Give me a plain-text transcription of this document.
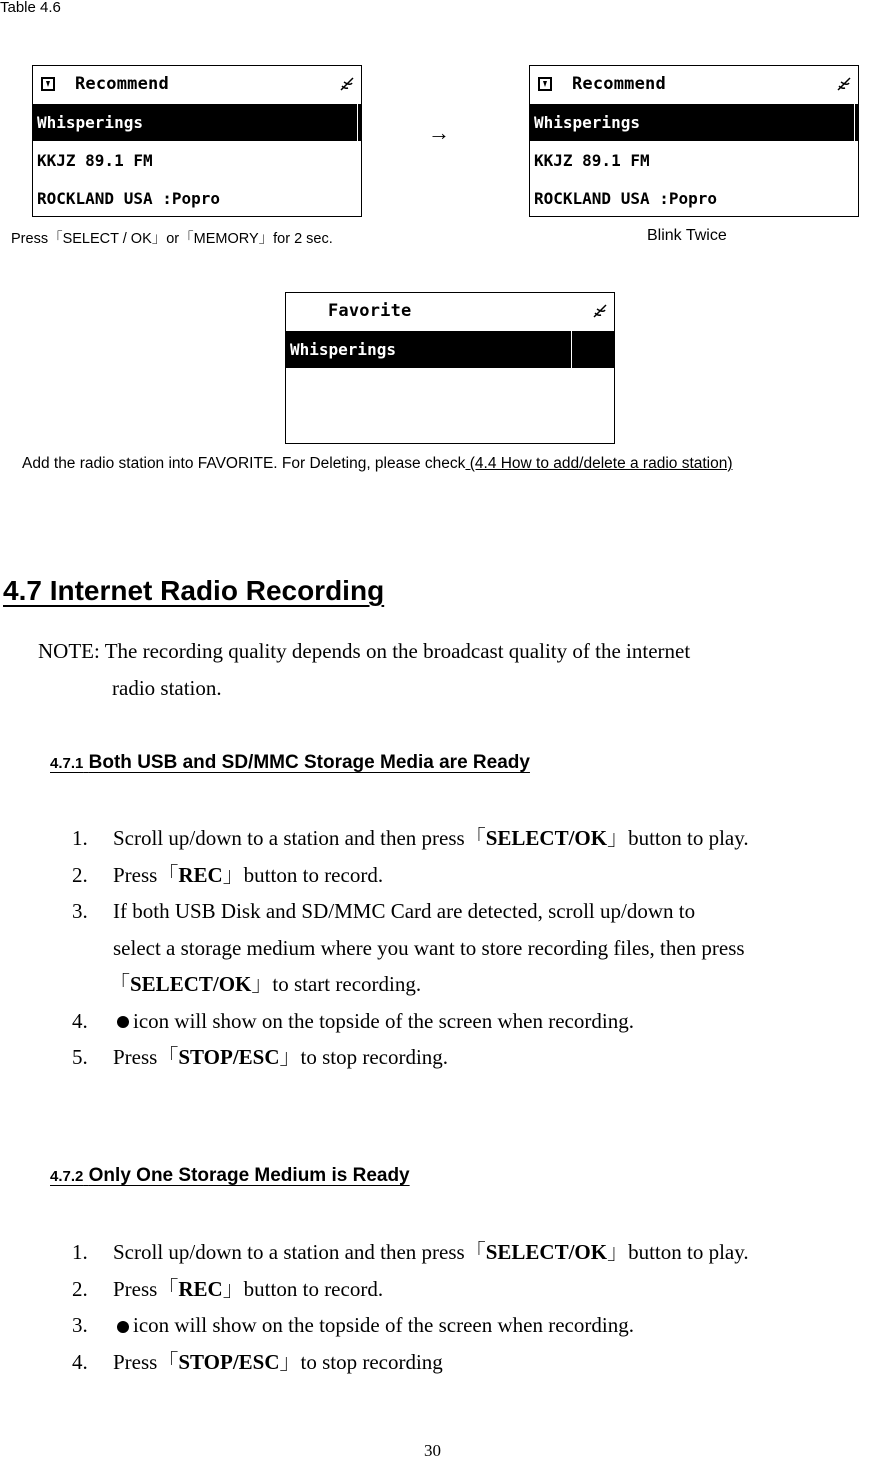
Table 4.6
Recommend
Whisperings
KKJZ 89.1 FM
ROCKLAND USA :Popro
Press「SELECT / OK」or「MEMORY」for 2 sec.
→
Recommend
Whisperings
KKJZ 89.1 FM
ROCKLAND USA :Popro
Blink Twice
Favorite
Whisperings
Add the radio station into FAVORITE. For Deleting, please check (4.4 How to add/delete a radio station)
4.7 Internet Radio Recording
NOTE: The recording quality depends on the broadcast quality of the internet
radio station.
4.7.1 Both USB and SD/MMC Storage Media are Ready
1. Scroll up/down to a station and then press「SELECT/OK」button to play.
2. Press「REC」button to record.
3. If both USB Disk and SD/MMC Card are detected, scroll up/down to
select a storage medium where you want to store recording files, then press
「SELECT/OK」to start recording.
4. icon will show on the topside of the screen when recording.
5. Press「STOP/ESC」to stop recording.
4.7.2 Only One Storage Medium is Ready
1. Scroll up/down to a station and then press「SELECT/OK」button to play.
2. Press「REC」button to record.
3. icon will show on the topside of the screen when recording.
4. Press「STOP/ESC」to stop recording
30
